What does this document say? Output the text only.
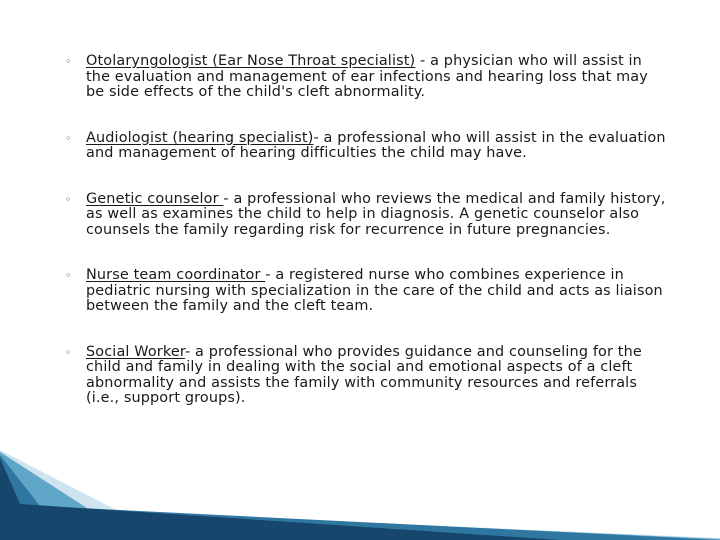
◦ Otolaryngologist (Ear Nose Throat specialist) - a physician who will assist in the evaluation and management of ear infections and hearing loss that may be side effects of the child's cleft abnormality.
◦ Audiologist (hearing specialist)- a professional who will assist in the evaluation and management of hearing difficulties the child may have.
◦ Genetic counselor - a professional who reviews the medical and family history, as well as examines the child to help in diagnosis. A genetic counselor also counsels the family regarding risk for recurrence in future pregnancies.
◦ Nurse team coordinator - a registered nurse who combines experience in pediatric nursing with specialization in the care of the child and acts as liaison between the family and the cleft team.
◦ Social Worker- a professional who provides guidance and counseling for the child and family in dealing with the social and emotional aspects of a cleft abnormality and assists the family with community resources and referrals (i.e., support groups).
